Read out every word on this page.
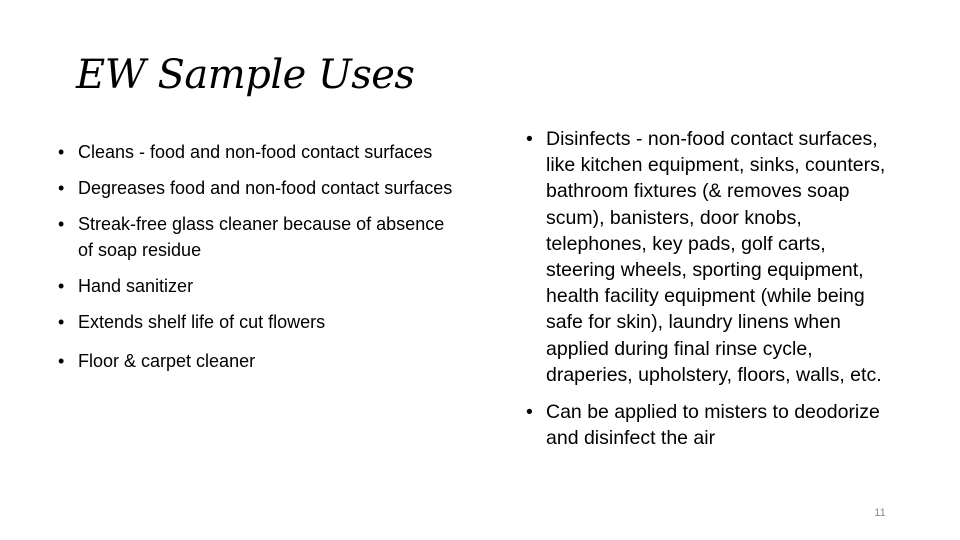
EW Sample Uses
• Cleans - food and non-food contact surfaces
• Degreases food and non-food contact surfaces
• Streak-free glass cleaner because of absence of soap residue
• Hand sanitizer
• Extends shelf life of cut flowers
• Floor & carpet cleaner
• Disinfects - non-food contact surfaces, like kitchen equipment, sinks, counters, bathroom fixtures (& removes soap scum), banisters, door knobs, telephones, key pads, golf carts, steering wheels, sporting equipment, health facility equipment (while being safe for skin), laundry linens when applied during final rinse cycle, draperies, upholstery, floors, walls, etc.
• Can be applied to misters to deodorize and disinfect the air
11
